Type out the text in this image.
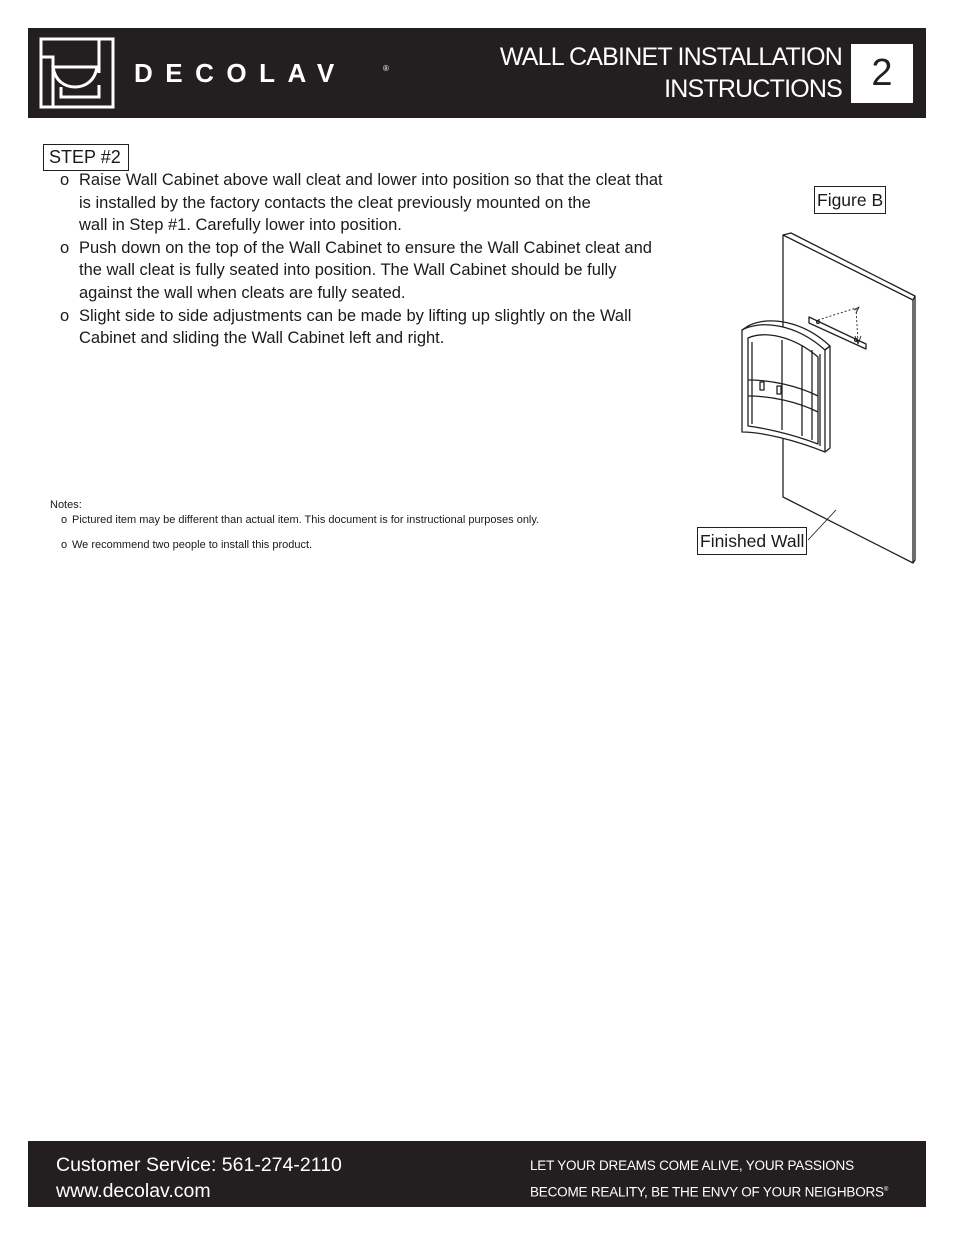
DECOLAV	®	WALL CABINET INSTALLATION
INSTRUCTIONS 2
STEP #2
o Raise Wall Cabinet above wall cleat and lower into position so that the cleat that
is installed by the factory contacts the cleat previously mounted on the
wall in Step #1. Carefully lower into position.
o Push down on the top of the Wall Cabinet to ensure the Wall Cabinet cleat and
the wall cleat is fully seated into position. The Wall Cabinet should be fully
against the wall when cleats are fully seated.
o Slight side to side adjustments can be made by lifting up slightly on the Wall
Cabinet and sliding the Wall Cabinet left and right.
Notes:
o Pictured item may be different than actual item. This document is for instructional purposes only.
o We recommend two people to install this product.
Figure B
Finished Wall
Customer Service: 561-274-2110
www.decolav.com
LET YOUR DREAMS COME ALIVE, YOUR PASSIONS
BECOME REALITY, BE THE ENVY OF YOUR NEIGHBORS®
